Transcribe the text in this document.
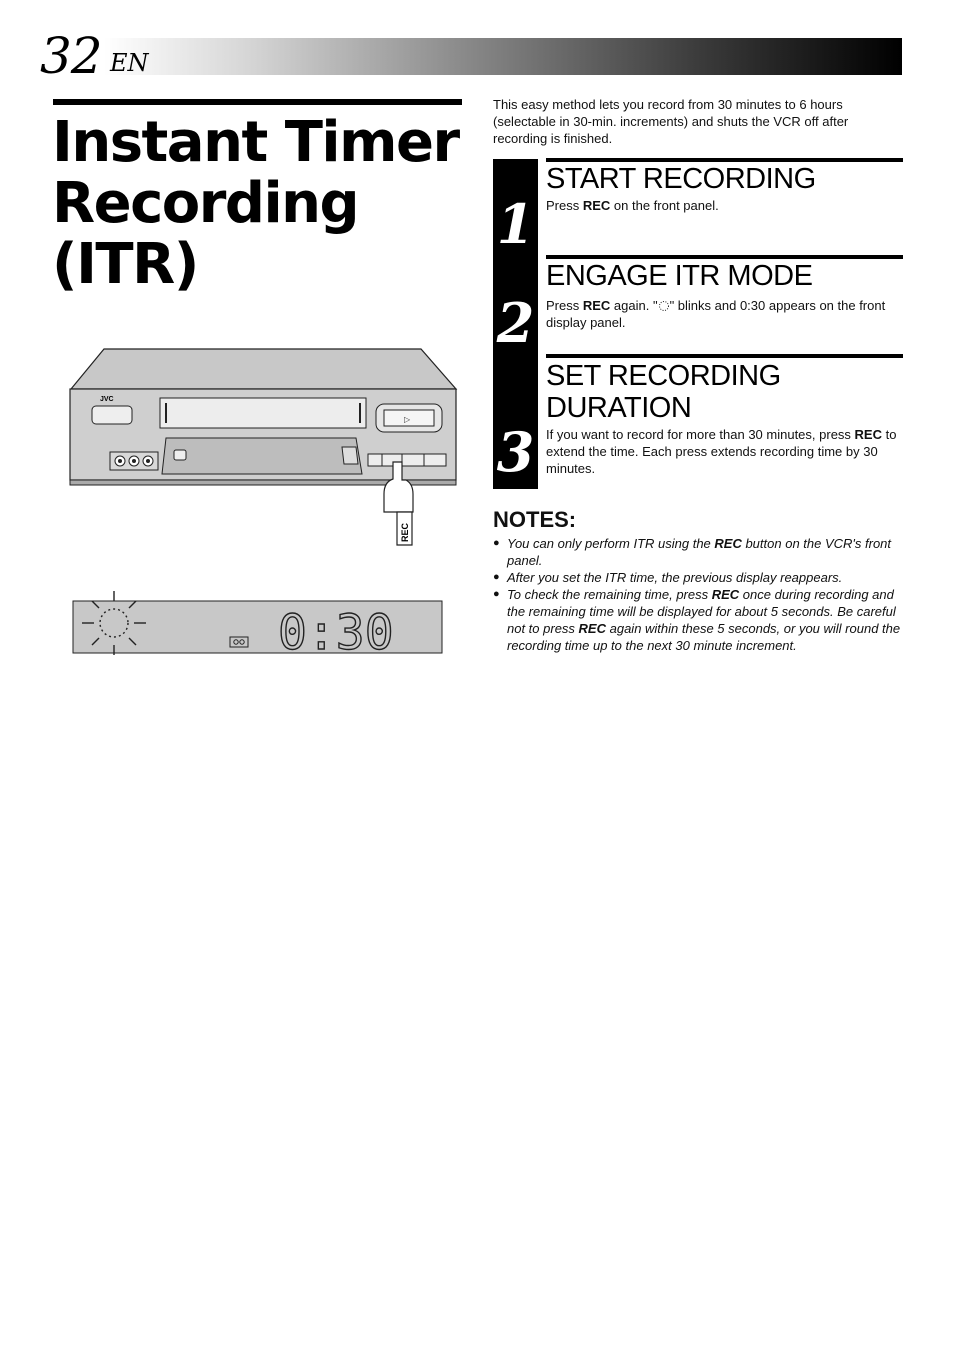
32 EN
Instant Timer Recording (ITR)
JVC
▷
REC
0:30

This easy method lets you record from 30 minutes to 6 hours (selectable in 30-min. increments) and shuts the VCR off after recording is finished.

1
2
3
START RECORDING

Press REC on the front panel.

ENGAGE ITR MODE

Press REC again. " " blinks and 0:30 appears on the front display panel.

SET RECORDING DURATION

If you want to record for more than 30 minutes, press REC to extend the time. Each press extends recording time by 30 minutes.

NOTES:
● You can only perform ITR using the REC button on the VCR's front panel.
● After you set the ITR time, the previous display reappears.
● To check the remaining time, press REC once during recording and the remaining time will be displayed for about 5 seconds. Be careful not to press REC again within these 5 seconds, or you will round the recording time up to the next 30 minute increment.
